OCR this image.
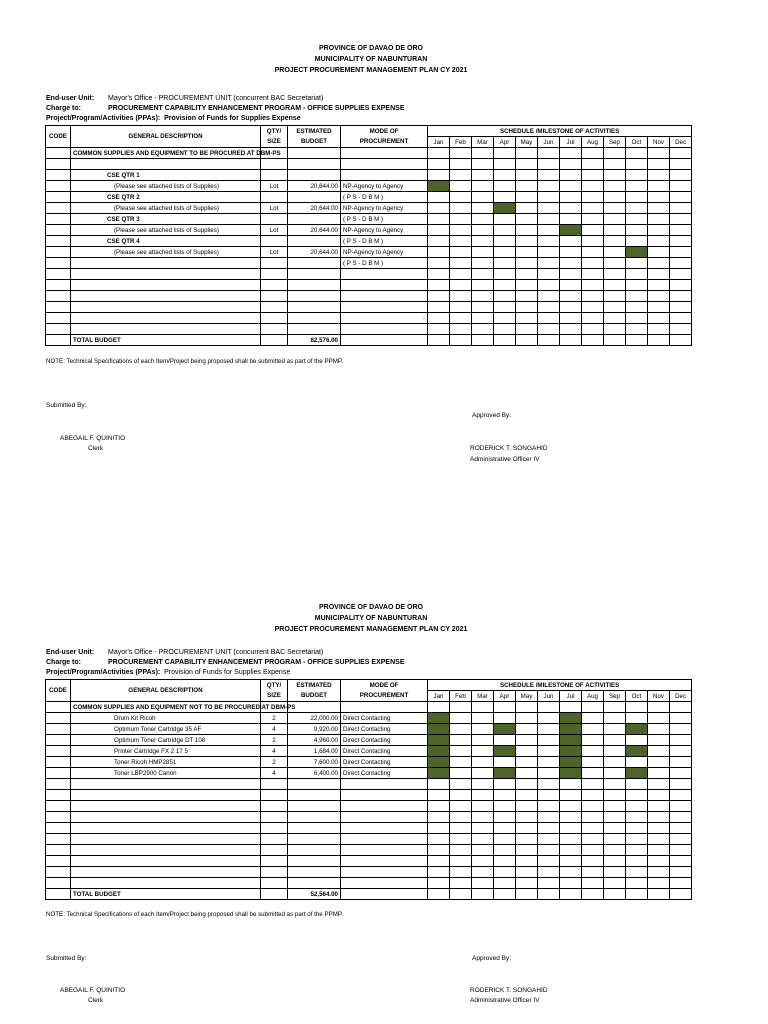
PROVINCE OF DAVAO DE ORO
MUNICIPALITY OF NABUNTURAN
PROJECT PROCUREMENT MANAGEMENT PLAN CY 2021
End-user Unit: Mayor's Office - PROCUREMENT UNIT (concurrent BAC Secretariat)
Charge to:	PROCUREMENT CAPABILITY ENHANCEMENT PROGRAM - OFFICE SUPPLIES EXPENSE
Project/Program/Activities (PPAs): Provision of Funds for Supplies Expense
CODE	GENERAL DESCRIPTION	QTY/	ESTIMATED	MODE OF	SCHEDULE /MILESTONE OF ACTIVITIES											
		SIZE	BUDGET	PROCUREMENT	Jan	Feb	Mar	Apr	May	Jun	Jul	Aug	Sep	Oct	Nov	Dec
	COMMON SUPPLIES AND EQUIPMENT TO BE PROCURED AT DBM-PS															

	CSE QTR 1															
	(Please see attached lists of Supplies)	Lot	20,644.00	NP-Agency to Agency												
	CSE QTR 2			( P S - D B M )												
	(Please see attached lists of Supplies)	Lot	20,644.00	NP-Agency to Agency												
	CSE QTR 3			( P S - D B M )												
	(Please see attached lists of Supplies)	Lot	20,644.00	NP-Agency to Agency												
	CSE QTR 4			( P S - D B M )												
	(Please see attached lists of Supplies)	Lot	20,644.00	NP-Agency to Agency												
				( P S - D B M )												

				-												

	TOTAL BUDGET		82,576.00													
NOTE: Technical Specifications of each Item/Project being proposed shall be submitted as part of the PPMP.
Submitted By:
Approved By:
ABEGAIL F. QUINITIO
Clerk	RODERICK T. SONGAHID
Administrative Officer IV
PROVINCE OF DAVAO DE ORO
MUNICIPALITY OF NABUNTURAN
PROJECT PROCUREMENT MANAGEMENT PLAN CY 2021
End-user Unit: Mayor's Office - PROCUREMENT UNIT (concurrent BAC Secretariat)
Charge to:	PROCUREMENT CAPABILITY ENHANCEMENT PROGRAM - OFFICE SUPPLIES EXPENSE
Project/Program/Activities (PPAs): Provision of Funds for Supplies Expense
CODE	GENERAL DESCRIPTION	QTY/	ESTIMATED	MODE OF	SCHEDULE /MILESTONE OF ACTIVITIES											
		SIZE	BUDGET	PROCUREMENT	Jan	Feb	Mar	Apr	May	Jun	Jul	Aug	Sep	Oct	Nov	Dec
	COMMON SUPPLIES AND EQUIPMENT NOT TO BE PROCURED AT DBM-PS															
	Drum Kit Ricoh	2	22,000.00	Direct Contacting												
	Optimum Toner Cartridge 35 AF	4	9,920.00	Direct Contacting												
	Optimum Toner Cartridge DT 108	2	4,960.00	Direct Contacting												
	Printer Cartridge FX 2 17 5	4	1,684.00	Direct Contacting												
	Toner Ricoh HMP2851	2	7,600.00	Direct Contacting												
	Toner LBP2900 Canon	4	6,400.00	Direct Contacting												

	TOTAL BUDGET		52,564.00													
NOTE: Technical Specifications of each Item/Project being proposed shall be submitted as part of the PPMP.
Submitted By:	Approved By:
ABEGAIL F. QUINITIO
Clerk
RODERICK T. SONGAHID
Administrative Officer IV
